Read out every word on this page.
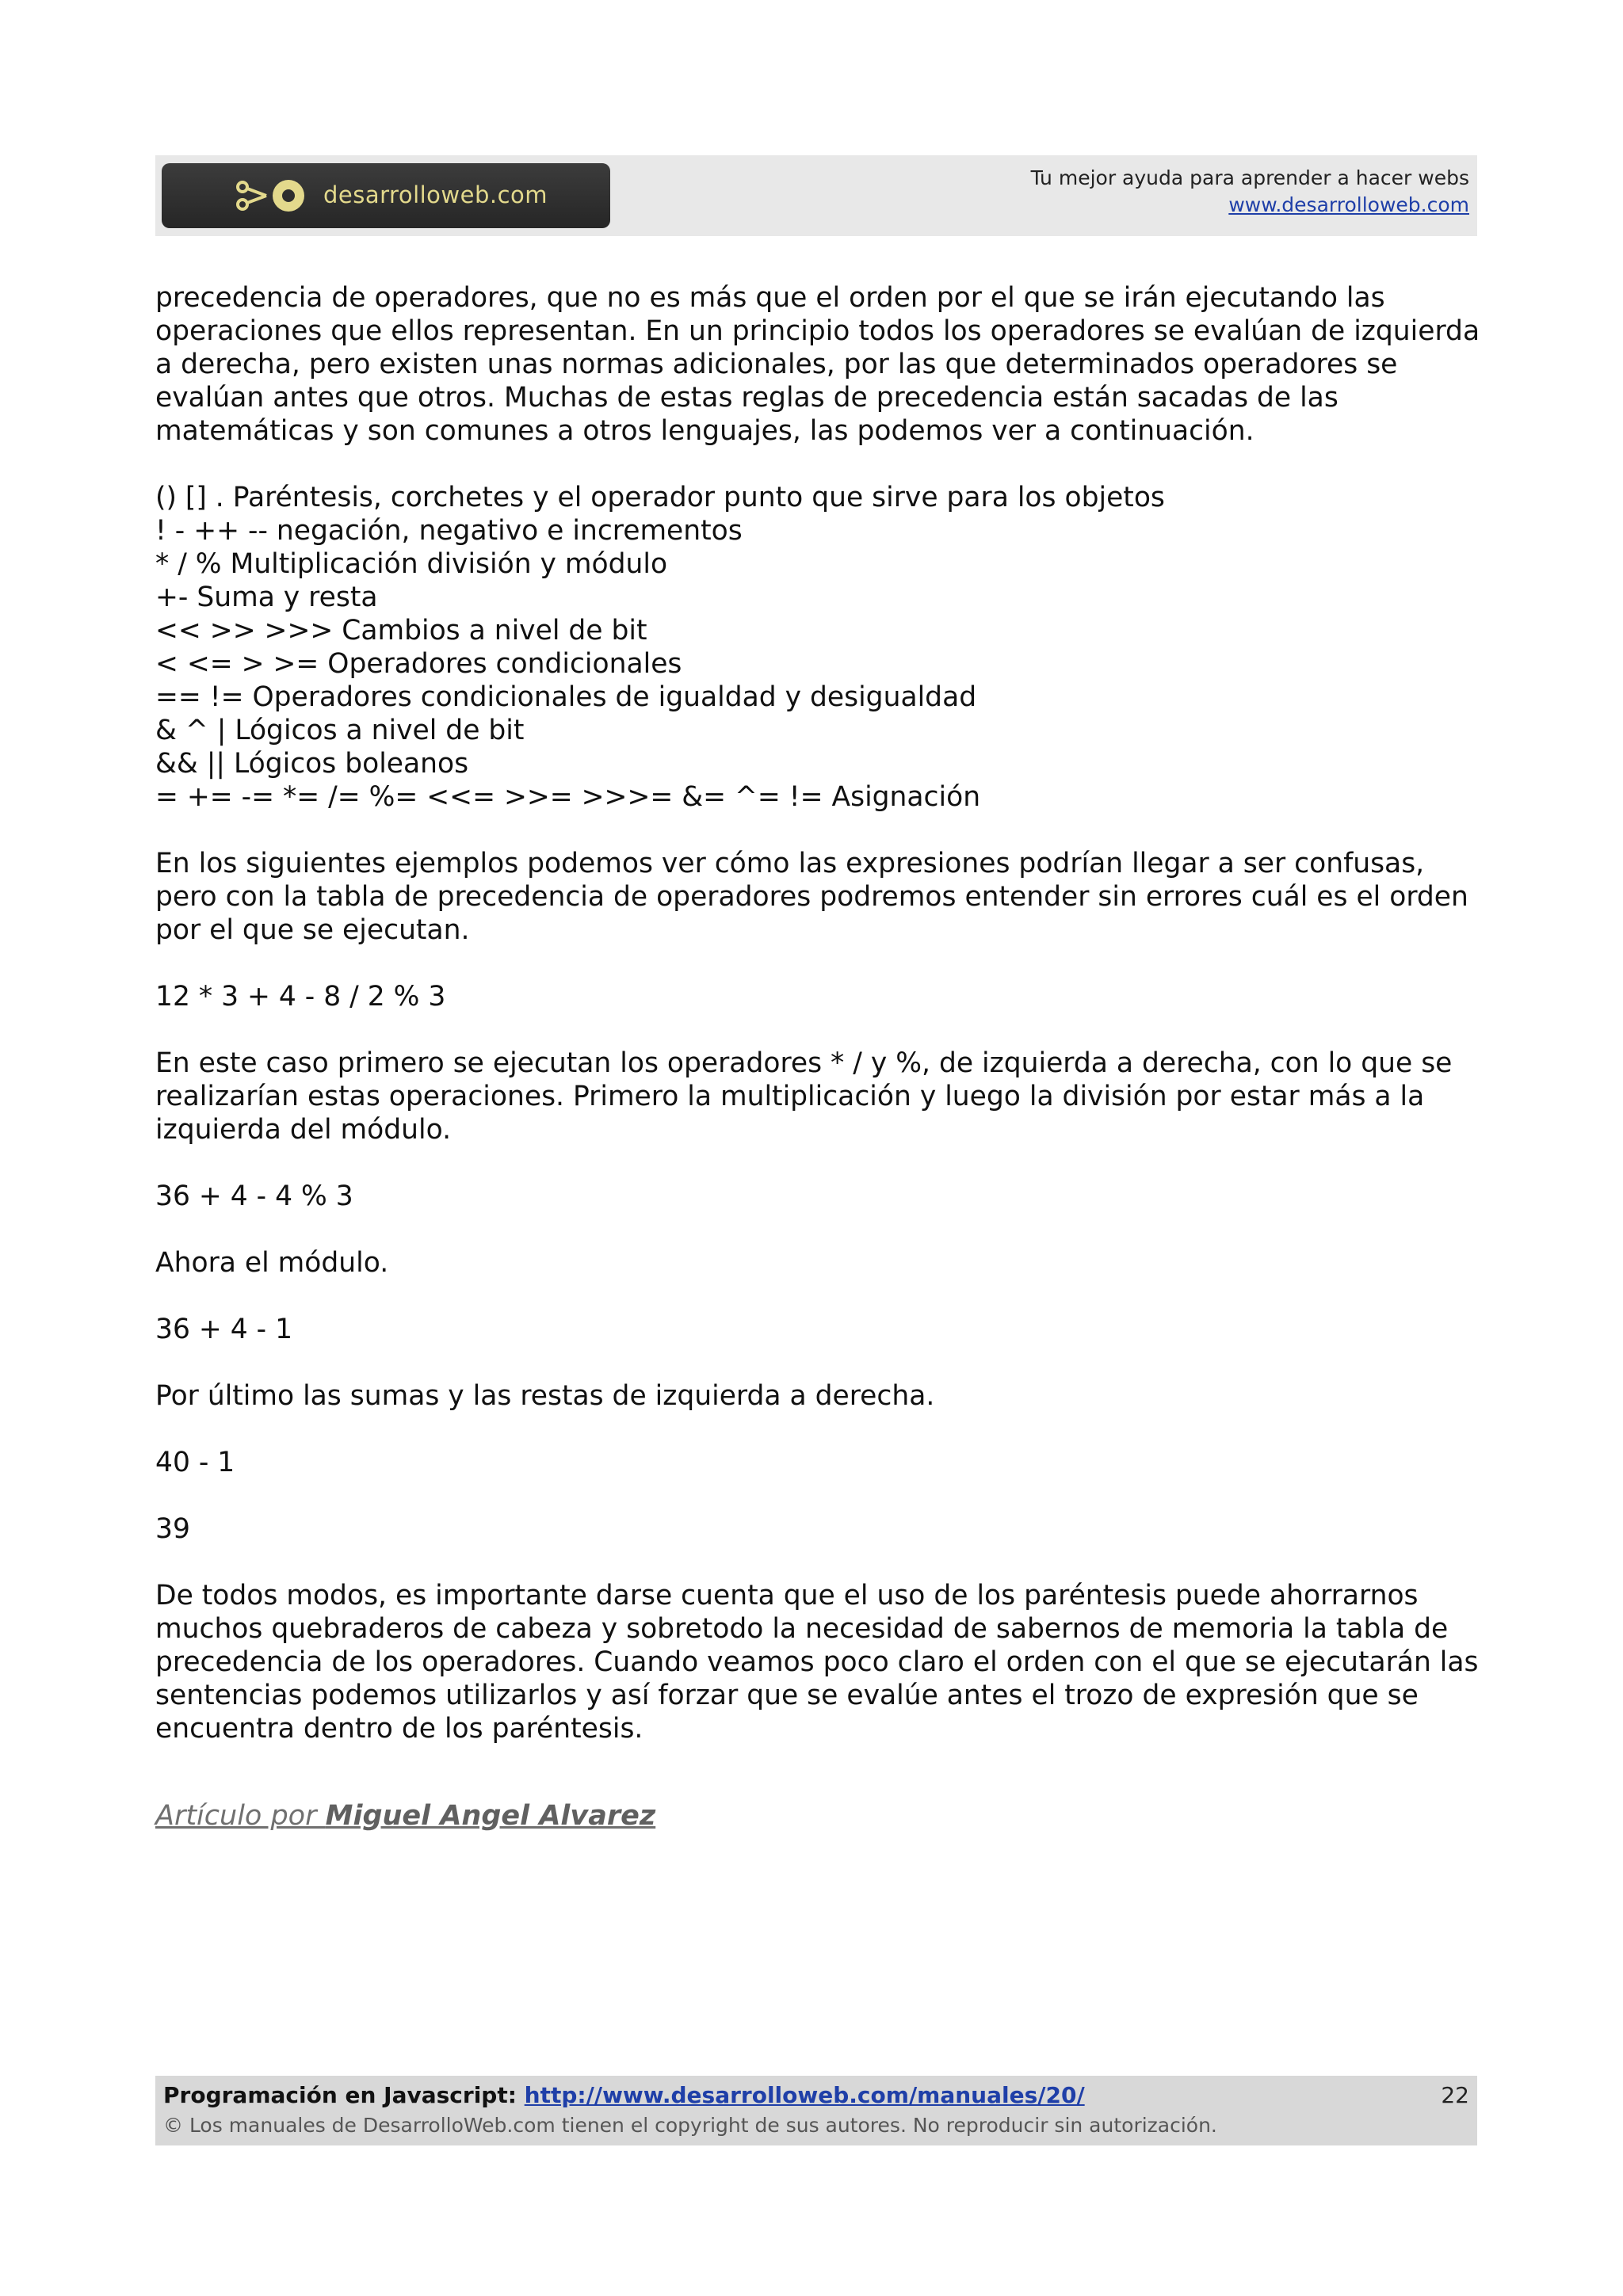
desarrolloweb.com
Tu mejor ayuda para aprender a hacer webs
www.desarrolloweb.com

precedencia de operadores, que no es más que el orden por el que se irán ejecutando las operaciones que ellos representan. En un principio todos los operadores se evalúan de izquierda a derecha, pero existen unas normas adicionales, por las que determinados operadores se evalúan antes que otros. Muchas de estas reglas de precedencia están sacadas de las matemáticas y son comunes a otros lenguajes, las podemos ver a continuación.

() [] . Paréntesis, corchetes y el operador punto que sirve para los objetos
! - ++ -- negación, negativo e incrementos
* / % Multiplicación división y módulo
+- Suma y resta
<< >> >>> Cambios a nivel de bit
< <= > >= Operadores condicionales
== != Operadores condicionales de igualdad y desigualdad
& ^ | Lógicos a nivel de bit
&& || Lógicos boleanos
= += -= *= /= %= <<= >>= >>>= &= ^= != Asignación

En los siguientes ejemplos podemos ver cómo las expresiones podrían llegar a ser confusas, pero con la tabla de precedencia de operadores podremos entender sin errores cuál es el orden por el que se ejecutan.

12 * 3 + 4 - 8 / 2 % 3

En este caso primero se ejecutan los operadores * / y %, de izquierda a derecha, con lo que se realizarían estas operaciones. Primero la multiplicación y luego la división por estar más a la izquierda del módulo.

36 + 4 - 4 % 3

Ahora el módulo.

36 + 4 - 1

Por último las sumas y las restas de izquierda a derecha.

40 - 1

39

De todos modos, es importante darse cuenta que el uso de los paréntesis puede ahorrarnos muchos quebraderos de cabeza y sobretodo la necesidad de sabernos de memoria la tabla de precedencia de los operadores. Cuando veamos poco claro el orden con el que se ejecutarán las sentencias podemos utilizarlos y así forzar que se evalúe antes el trozo de expresión que se encuentra dentro de los paréntesis.

Artículo por Miguel Angel Alvarez
Programación en Javascript: http://www.desarrolloweb.com/manuales/20/
© Los manuales de DesarrolloWeb.com tienen el copyright de sus autores. No reproducir sin autorización.
22
